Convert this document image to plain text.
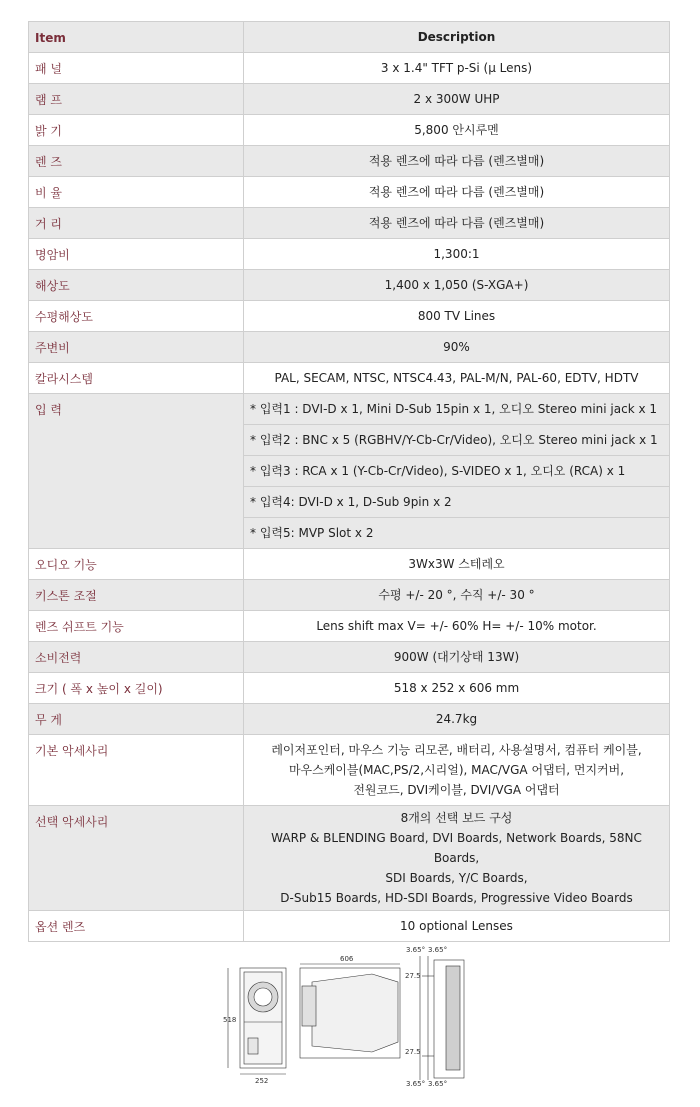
Item	Description
패 널	3 x 1.4" TFT p-Si (μ Lens)
램 프	2 x 300W UHP
밝 기	5,800 안시루멘
렌 즈	적용 렌즈에 따라 다름 (렌즈별매)
비 율	적용 렌즈에 따라 다름 (렌즈별매)
거 리	적용 렌즈에 따라 다름 (렌즈별매)
명암비	1,300:1
해상도	1,400 x 1,050 (S-XGA+)
수평해상도	800 TV Lines
주변비	90%
칼라시스템	PAL, SECAM, NTSC, NTSC4.43, PAL-M/N, PAL-60, EDTV, HDTV
입 력	* 입력1 : DVI-D x 1, Mini D-Sub 15pin x 1, 오디오 Stereo mini jack x 1
	* 입력2 : BNC x 5 (RGBHV/Y-Cb-Cr/Video), 오디오 Stereo mini jack x 1
	* 입력3 : RCA x 1 (Y-Cb-Cr/Video), S-VIDEO x 1, 오디오 (RCA) x 1
	* 입력4: DVI-D x 1, D-Sub 9pin x 2
	* 입력5: MVP Slot x 2
오디오 기능	3Wx3W 스테레오
키스톤 조절	수평 +/- 20 °, 수직 +/- 30 °
렌즈 쉬프트 기능	Lens shift max V= +/- 60% H= +/- 10% motor.
소비전력	900W (대기상태 13W)
크기 ( 폭 x 높이 x 길이)	518 x 252 x 606 mm
무 게	24.7kg
기본 악세사리	레이저포인터, 마우스 기능 리모콘, 배터리, 사용설명서, 컴퓨터 케이블,
마우스케이블(MAC,PS/2,시리얼), MAC/VGA 어댑터, 먼지커버,
전원코드, DVI케이블, DVI/VGA 어댑터

선택 악세사리	8개의 선택 보드 구성
WARP & BLENDING Board, DVI Boards, Network Boards, 58NC Boards,
SDI Boards, Y/C Boards,
D-Sub15 Boards, HD-SDI Boards, Progressive Video Boards

옵션 렌즈	10 optional Lenses
518
252
606
27.5
27.5
3.65° 3.65°
3.65° 3.65°
